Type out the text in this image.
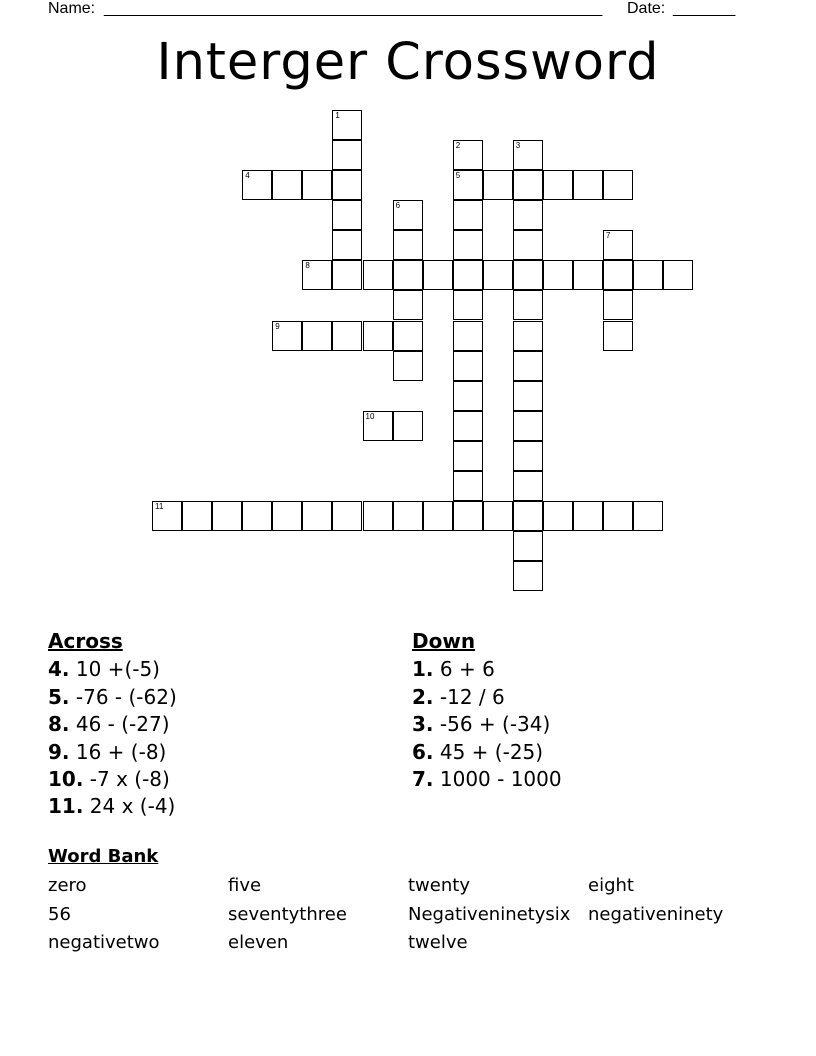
Name: ________________________________________________________ Date: _______
Interger Crossword
1
2
5
3
4
6
7
8
9
10
11
Across
4. 10 +(-5)
5. -76 - (-62)
8. 46 - (-27)
9. 16 + (-8)
10. -7 x (-8)
11. 24 x (-4)
Down
1. 6 + 6
2. -12 / 6
3. -56 + (-34)
6. 45 + (-25)
7. 1000 - 1000
Word Bank
zero	five	twenty	eight
56	seventythree	Negativeninetysix negativeninety
negativetwo	eleven	twelve
